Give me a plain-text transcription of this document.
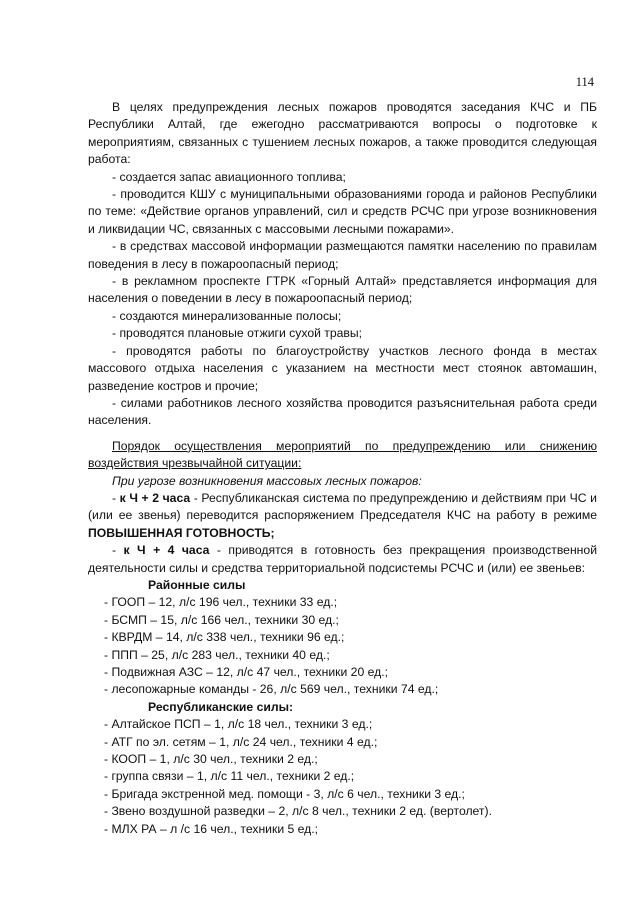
114

В целях предупреждения лесных пожаров проводятся заседания КЧС и ПБ Республики Алтай, где ежегодно рассматриваются вопросы о подготовке к мероприятиям, связанных с тушением лесных пожаров, а также проводится следующая работа:

- создается запас авиационного топлива;

- проводится КШУ с муниципальными образованиями города и районов Республики по теме: «Действие органов управлений, сил и средств РСЧС при угрозе возникновения и ликвидации ЧС, связанных с массовыми лесными пожарами».

- в средствах массовой информации размещаются памятки населению по правилам поведения в лесу в пожароопасный период;

- в рекламном проспекте ГТРК «Горный Алтай» представляется информация для населения о поведении в лесу в пожароопасный период;

- создаются минерализованные полосы;

- проводятся плановые отжиги сухой травы;

- проводятся работы по благоустройству участков лесного фонда в местах массового отдыха населения с указанием на местности мест стоянок автомашин, разведение костров и прочие;

- силами работников лесного хозяйства проводится разъяснительная работа среди населения.

Порядок осуществления мероприятий по предупреждению или снижению воздействия чрезвычайной ситуации:

При угрозе возникновения массовых лесных пожаров:

- к Ч + 2 часа - Республиканская система по предупреждению и действиям при ЧС и (или ее звенья) переводится распоряжением Председателя КЧС на работу в режиме ПОВЫШЕННАЯ ГОТОВНОСТЬ;

- к Ч + 4 часа - приводятся в готовность без прекращения производственной деятельности силы и средства территориальной подсистемы РСЧС и (или) ее звеньев:

Районные силы

- ГООП – 12, л/с 196 чел., техники 33 ед.;

- БСМП – 15, л/с 166 чел., техники 30 ед.;

- КВРДМ – 14, л/с 338 чел., техники 96 ед.;

- ППП – 25, л/с 283 чел., техники 40 ед.;

- Подвижная АЗС – 12, л/с 47 чел., техники 20 ед.;

- лесопожарные команды - 26, л/с 569 чел., техники 74 ед.;

Республиканские силы:

- Алтайское ПСП – 1, л/с 18 чел., техники 3 ед.;

- АТГ по эл. сетям – 1, л/с 24 чел., техники 4 ед.;

- КООП – 1, л/с 30 чел., техники 2 ед.;

- группа связи – 1, л/с 11 чел., техники 2 ед.;

- Бригада экстренной мед. помощи - 3, л/с 6 чел., техники 3 ед.;

- Звено воздушной разведки – 2, л/с 8 чел., техники 2 ед. (вертолет).

- МЛХ РА – л /с 16 чел., техники 5 ед.;
